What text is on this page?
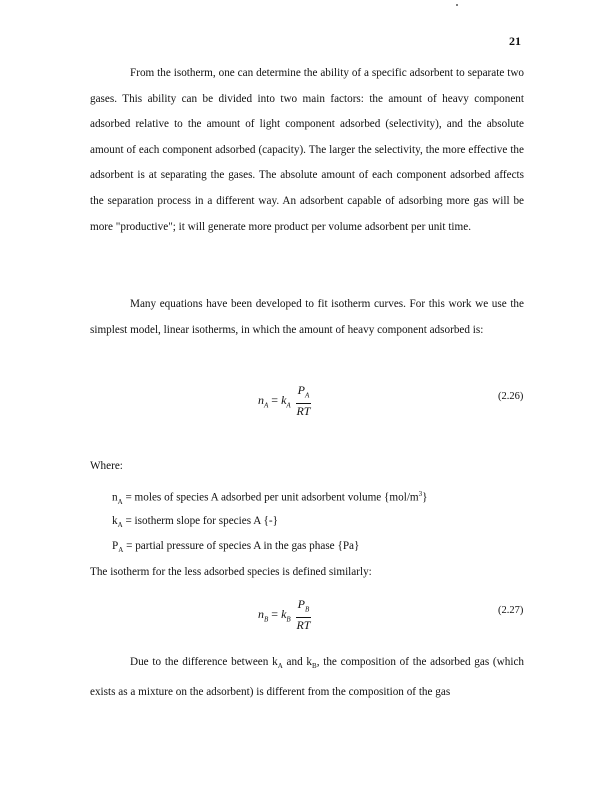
21

From the isotherm, one can determine the ability of a specific adsorbent to separate two gases. This ability can be divided into two main factors: the amount of heavy component adsorbed relative to the amount of light component adsorbed (selectivity), and the absolute amount of each component adsorbed (capacity). The larger the selectivity, the more effective the adsorbent is at separating the gases. The absolute amount of each component adsorbed affects the separation process in a different way. An adsorbent capable of adsorbing more gas will be more "productive"; it will generate more product per volume adsorbent per unit time.

Many equations have been developed to fit isotherm curves. For this work we use the simplest model, linear isotherms, in which the amount of heavy component adsorbed is:

$n_A = k_A \frac{P_A}{RT}$	(2.26)

Where:

$n_A$ = moles of species A adsorbed per unit adsorbent volume $\{mol/m^3\}$

$k_A$ = isotherm slope for species A {-}

$P_A$ = partial pressure of species A in the gas phase {Pa}

The isotherm for the less adsorbed species is defined similarly:

$n_B = k_B \frac{P_B}{RT}$	(2.27)

Due to the difference between $k_A$ and $k_B$, the composition of the adsorbed gas (which exists as a mixture on the adsorbent) is different from the composition of the gas
